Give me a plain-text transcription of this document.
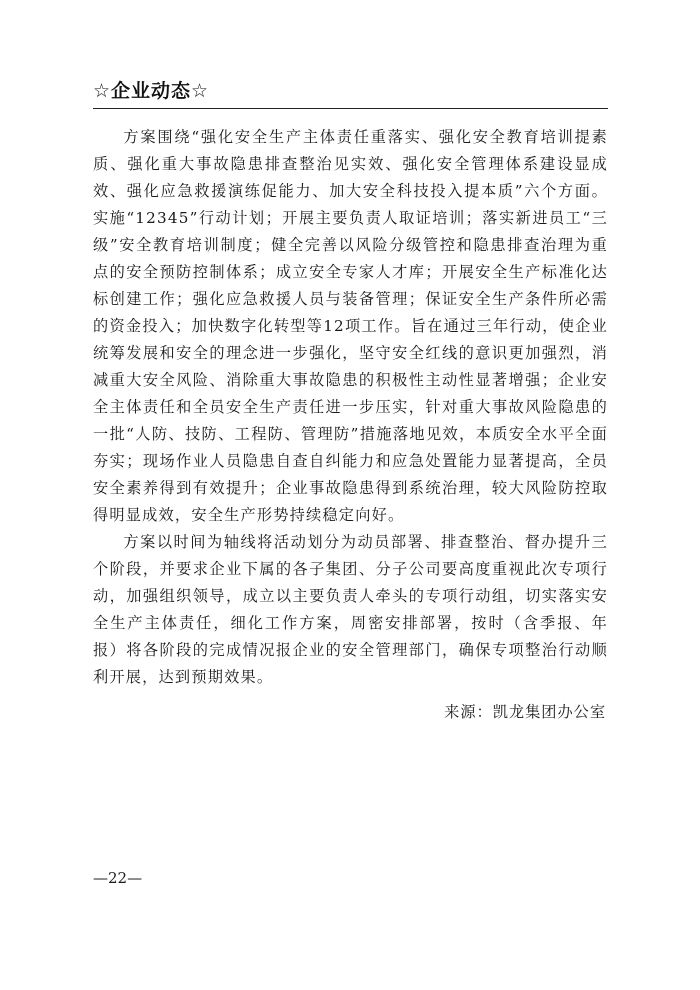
☆企业动态☆

方案围绕“强化安全生产主体责任重落实、强化安全教育培训提素质、强化重大事故隐患排查整治见实效、强化安全管理体系建设显成效、强化应急救援演练促能力、加大安全科技投入提本质”六个方面。实施“12345”行动计划；开展主要负责人取证培训；落实新进员工“三级”安全教育培训制度；健全完善以风险分级管控和隐患排查治理为重点的安全预防控制体系；成立安全专家人才库；开展安全生产标准化达标创建工作；强化应急救援人员与装备管理；保证安全生产条件所必需的资金投入；加快数字化转型等12项工作。旨在通过三年行动，使企业统筹发展和安全的理念进一步强化，坚守安全红线的意识更加强烈，消减重大安全风险、消除重大事故隐患的积极性主动性显著增强；企业安全主体责任和全员安全生产责任进一步压实，针对重大事故风险隐患的一批“人防、技防、工程防、管理防”措施落地见效，本质安全水平全面夯实；现场作业人员隐患自查自纠能力和应急处置能力显著提高，全员安全素养得到有效提升；企业事故隐患得到系统治理，较大风险防控取得明显成效，安全生产形势持续稳定向好。

方案以时间为轴线将活动划分为动员部署、排查整治、督办提升三个阶段，并要求企业下属的各子集团、分子公司要高度重视此次专项行动，加强组织领导，成立以主要负责人牵头的专项行动组，切实落实安全生产主体责任，细化工作方案，周密安排部署，按时（含季报、年报）将各阶段的完成情况报企业的安全管理部门，确保专项整治行动顺利开展，达到预期效果。

来源：凯龙集团办公室
—22—
